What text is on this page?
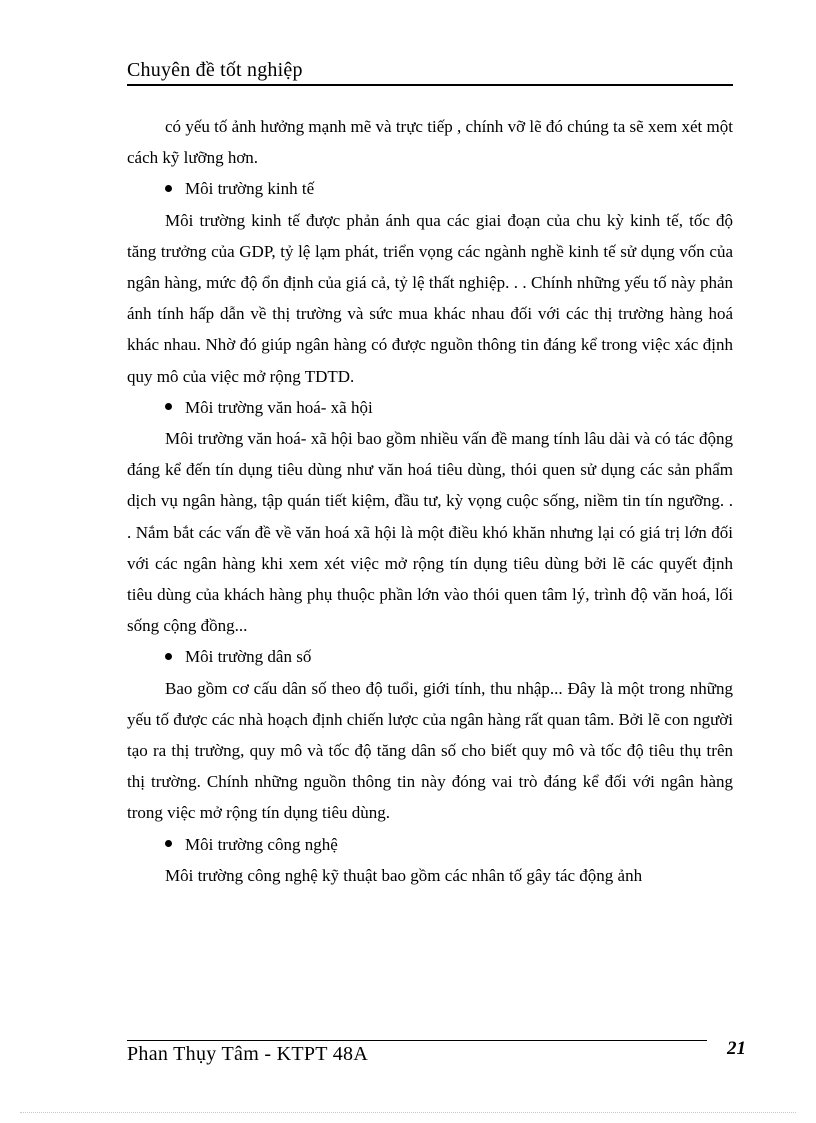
Chuyên đề tốt nghiệp

có yếu tố ảnh hưởng mạnh mẽ và trực tiếp , chính vỡ lẽ đó chúng ta sẽ xem xét một cách kỹ lưỡng hơn.

Môi trường kinh tế

Môi trường kinh tế được phản ánh qua các giai đoạn của chu kỳ kinh tế, tốc độ tăng trưởng của GDP, tỷ lệ lạm phát, triển vọng các ngành nghề kinh tế sử dụng vốn của ngân hàng, mức độ ổn định của giá cả, tỷ lệ thất nghiệp. . . Chính những yếu tố này phản ánh tính hấp dẫn về thị trường và sức mua khác nhau đối với các thị trường hàng hoá khác nhau. Nhờ đó giúp ngân hàng có được nguồn thông tin đáng kể trong việc xác định quy mô của việc mở rộng TDTD.

Môi trường văn hoá- xã hội

Môi trường văn hoá- xã hội bao gồm nhiều vấn đề mang tính lâu dài và có tác động đáng kể đến tín dụng tiêu dùng như văn hoá tiêu dùng, thói quen sử dụng các sản phẩm dịch vụ ngân hàng, tập quán tiết kiệm, đầu tư, kỳ vọng cuộc sống, niềm tin tín ngưỡng. . . Nắm bắt các vấn đề về văn hoá xã hội là một điều khó khăn nhưng lại có giá trị lớn đối với các ngân hàng khi xem xét việc mở rộng tín dụng tiêu dùng bởi lẽ các quyết định tiêu dùng của khách hàng phụ thuộc phần lớn vào thói quen tâm lý, trình độ văn hoá, lối sống cộng đồng...

Môi trường dân số

Bao gồm cơ cấu dân số theo độ tuổi, giới tính, thu nhập... Đây là một trong những yếu tố được các nhà hoạch định chiến lược của ngân hàng rất quan tâm. Bởi lẽ con người tạo ra thị trường, quy mô và tốc độ tăng dân số cho biết quy mô và tốc độ tiêu thụ trên thị trường. Chính những nguồn thông tin này đóng vai trò đáng kể đối với ngân hàng trong việc mở rộng tín dụng tiêu dùng.

Môi trường công nghệ

Môi trường công nghệ kỹ thuật bao gồm các nhân tố gây tác động ảnh

Phan Thụy Tâm - KTPT 48A	21
